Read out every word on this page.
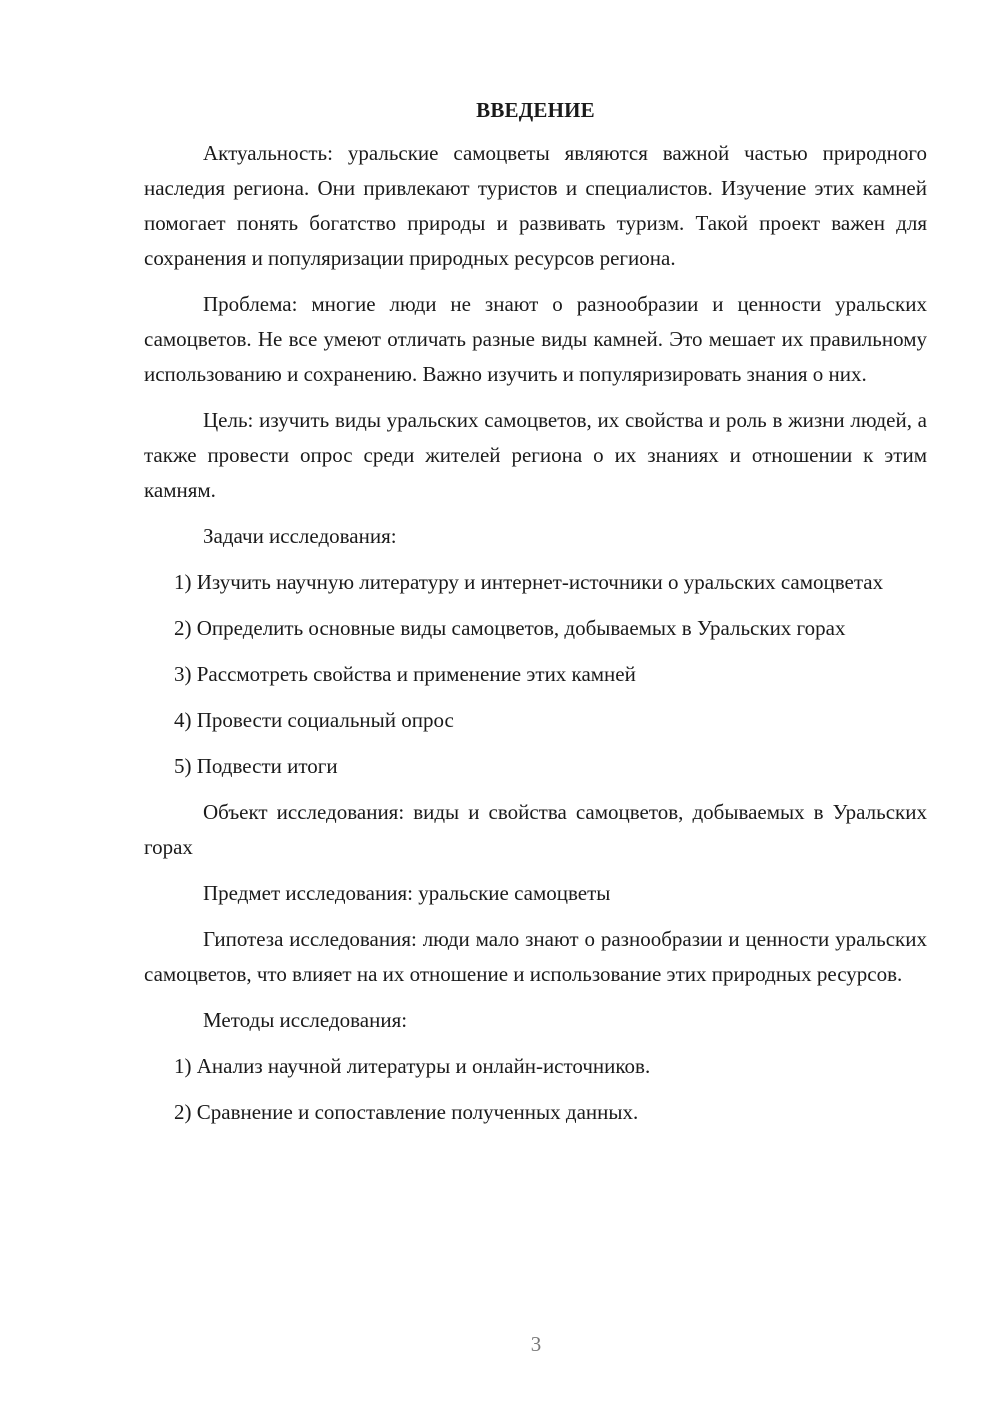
ВВЕДЕНИЕ

Актуальность: уральские самоцветы являются важной частью природного наследия региона. Они привлекают туристов и специалистов. Изучение этих камней помогает понять богатство природы и развивать туризм. Такой проект важен для сохранения и популяризации природных ресурсов региона.

Проблема: многие люди не знают о разнообразии и ценности уральских самоцветов. Не все умеют отличать разные виды камней. Это мешает их правильному использованию и сохранению. Важно изучить и популяризировать знания о них.

Цель: изучить виды уральских самоцветов, их свойства и роль в жизни людей, а также провести опрос среди жителей региона о их знаниях и отношении к этим камням.

Задачи исследования:

1) Изучить научную литературу и интернет-источники о уральских самоцветах

2) Определить основные виды самоцветов, добываемых в Уральских горах

3) Рассмотреть свойства и применение этих камней

4) Провести социальный опрос

5) Подвести итоги

Объект исследования: виды и свойства самоцветов, добываемых в Уральских горах

Предмет исследования: уральские самоцветы

Гипотеза исследования: люди мало знают о разнообразии и ценности уральских самоцветов, что влияет на их отношение и использование этих природных ресурсов.

Методы исследования:

1) Анализ научной литературы и онлайн-источников.

2) Сравнение и сопоставление полученных данных.

3
